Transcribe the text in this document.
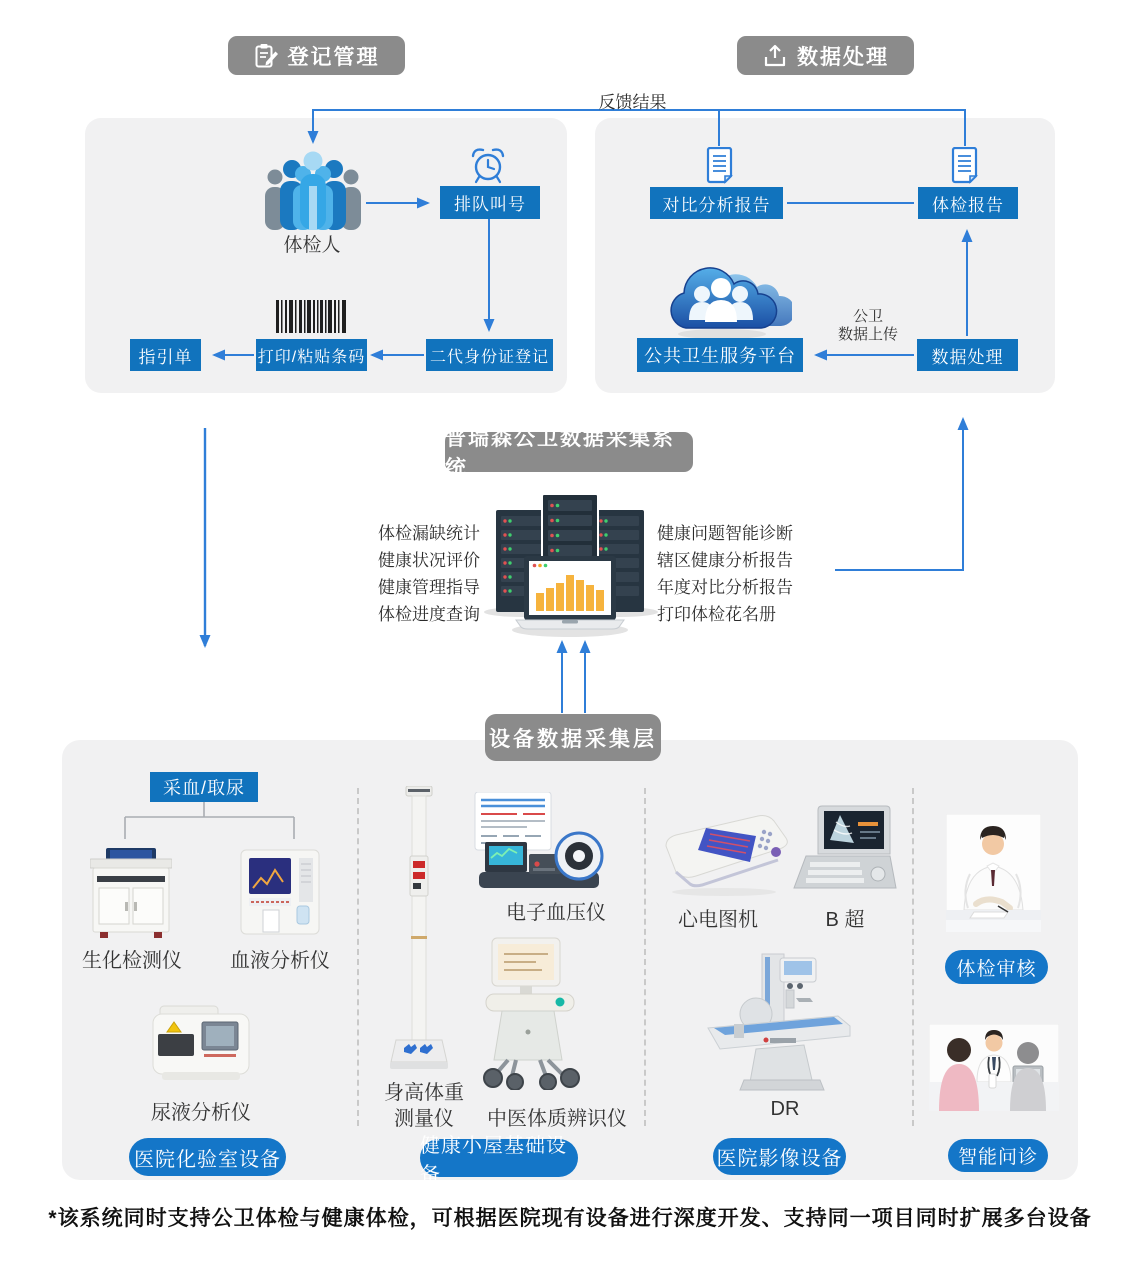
登记管理	数据处理
反馈结果
体检人
排队叫号
二代身份证登记
打印/粘贴条码
指引单
对比分析报告	体检报告
公共卫生服务平台	数据处理
公卫
数据上传
普瑞森公卫数据采集系统
体检漏缺统计
健康状况评价
健康管理指导
体检进度查询
健康问题智能诊断
辖区健康分析报告
年度对比分析报告
打印体检花名册
设备数据采集层
采血/取尿
生化检测仪 血液分析仪
尿液分析仪
医院化验室设备
身高体重
测量仪
电子血压仪
中医体质辨识仪
健康小屋基础设备
心电图机	B 超
DR
医院影像设备
体检审核
智能问诊
*该系统同时支持公卫体检与健康体检，可根据医院现有设备进行深度开发、支持同一项目同时扩展多台设备
